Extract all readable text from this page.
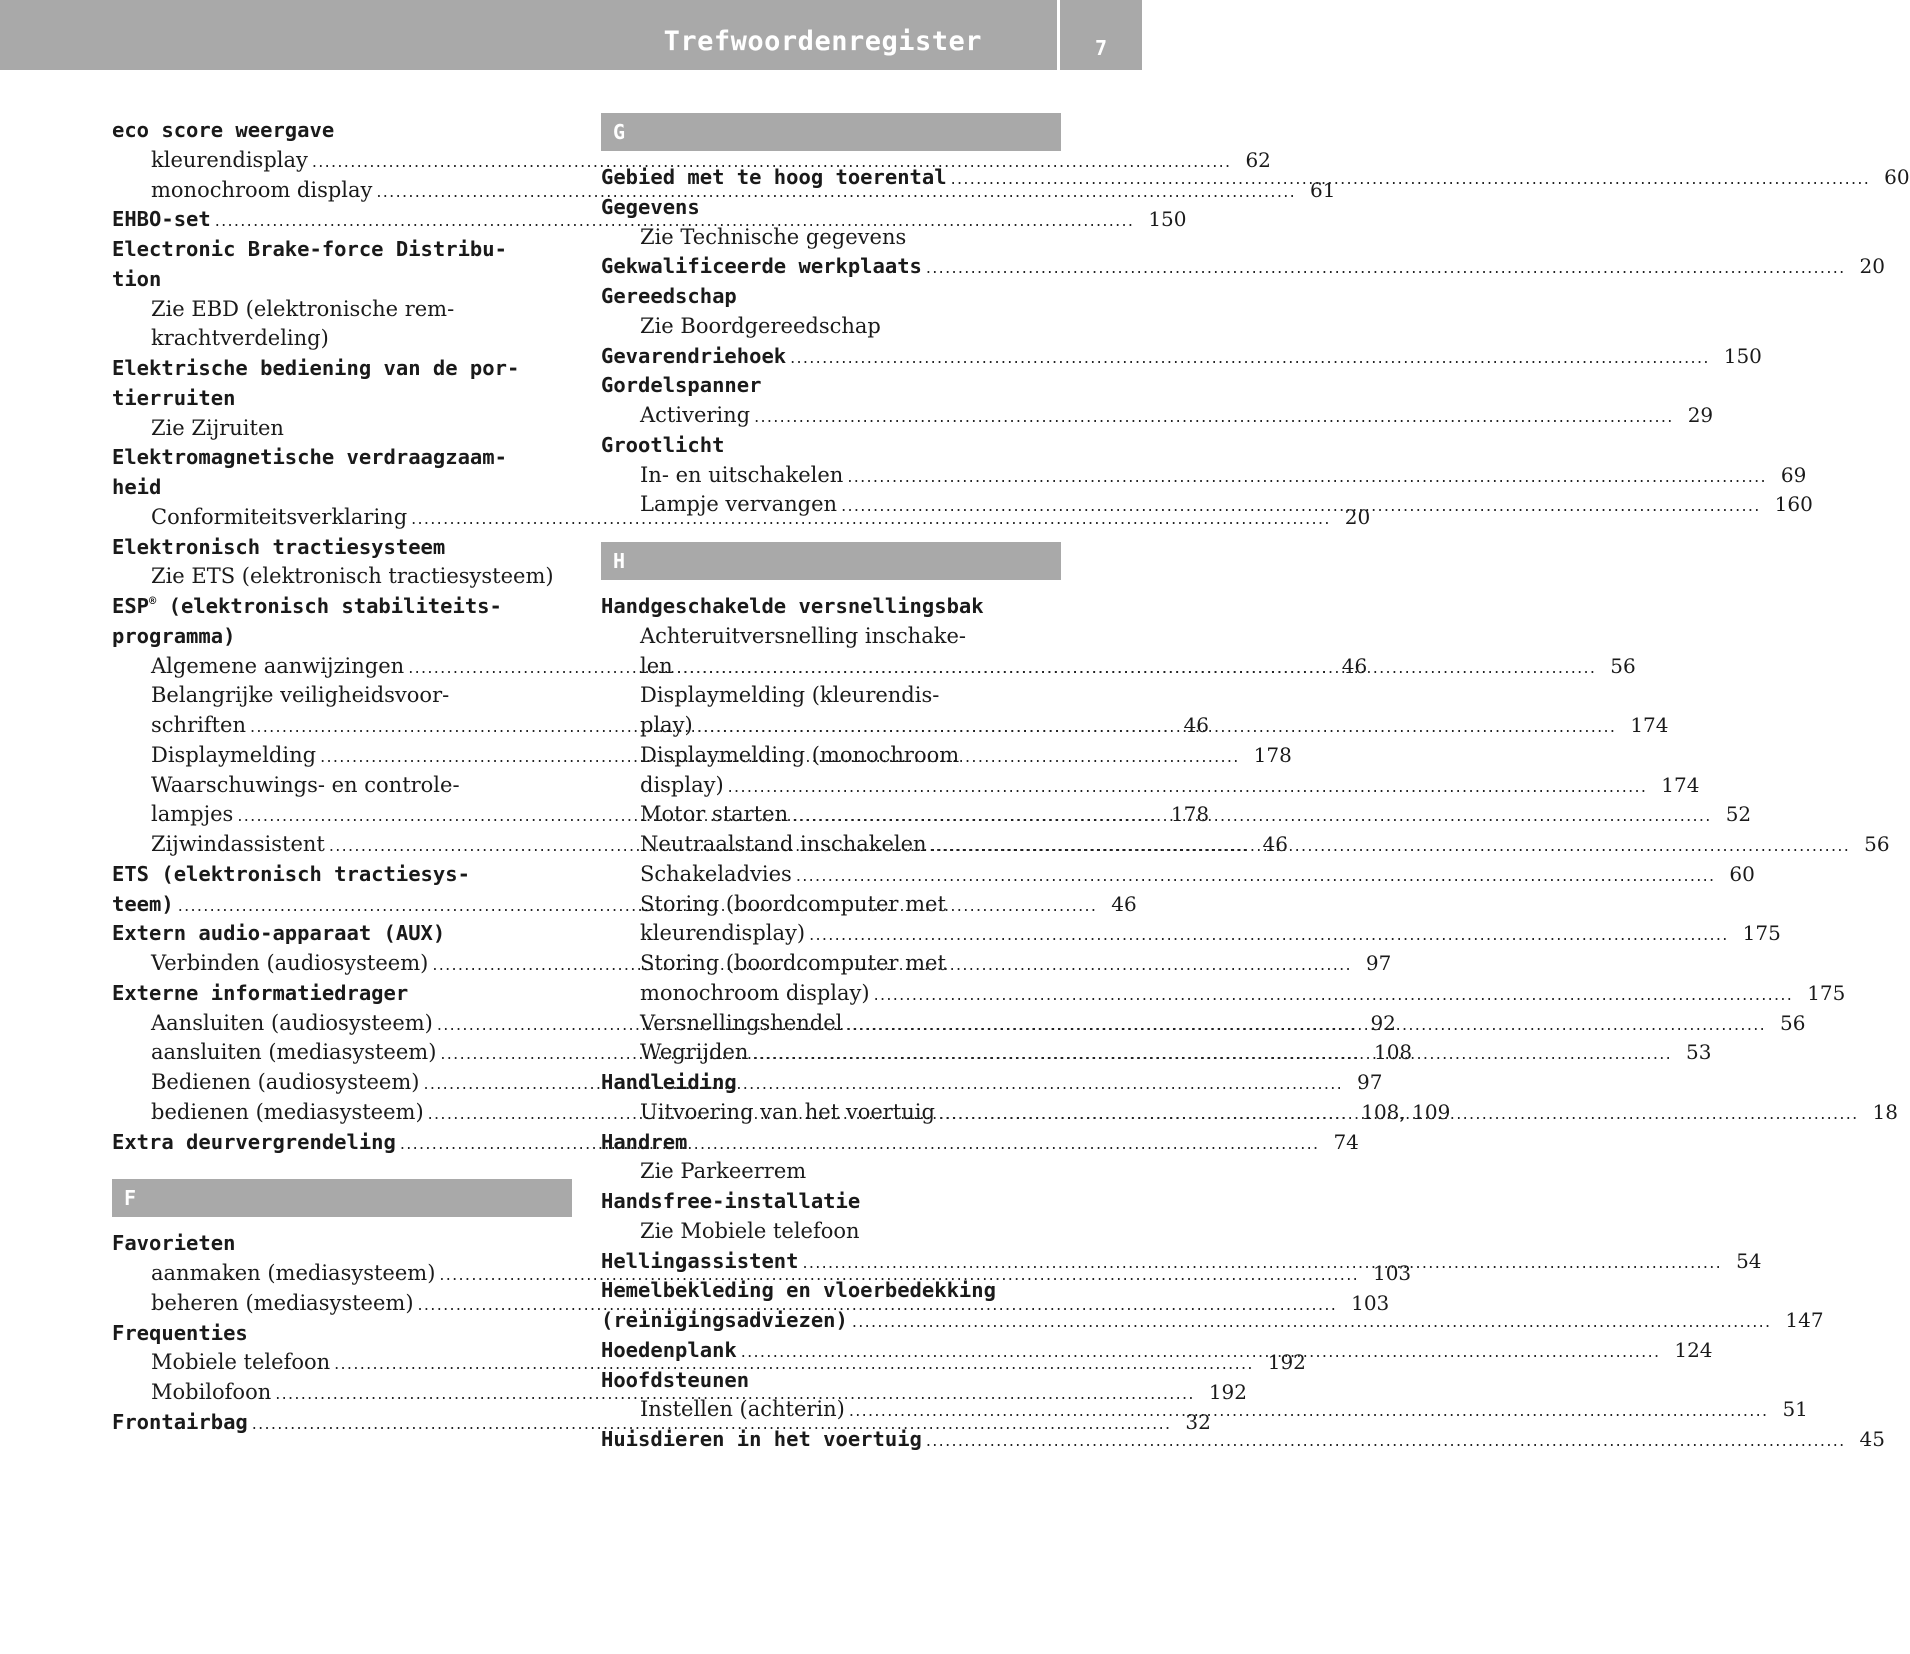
Trefwoordenregister	7
eco score weergave
kleurendisplay .....	62
monochroom display .....	61
EHBO-set .....	150
Electronic Brake-force Distribu-
tion
Zie EBD (elektronische rem-
krachtverdeling)
Elektrische bediening van de por-
tierruiten
Zie Zijruiten
Elektromagnetische verdraagzaam-
heid
Conformiteitsverklaring .....	20
Elektronisch tractiesysteem
Zie ETS (elektronisch tractiesysteem)
ESP® (elektronisch stabiliteits-
programma)
Algemene aanwijzingen .....	46
Belangrijke veiligheidsvoor-
schriften .....	46
Displaymelding .....	178
Waarschuwings- en controle-
lampjes .....	178
Zijwindassistent .....	46
ETS (elektronisch tractiesys-
teem) .....	46
Extern audio-apparaat (AUX)
Verbinden (audiosysteem) .....	97
Externe informatiedrager
Aansluiten (audiosysteem) .....	92
aansluiten (mediasysteem) .....	108
Bedienen (audiosysteem) .....	97
bedienen (mediasysteem) .....	108, 109
Extra deurvergrendeling .....	74
F
Favorieten
aanmaken (mediasysteem) .....	103
beheren (mediasysteem) .....	103
Frequenties
Mobiele telefoon .....	192
Mobilofoon .....	192
Frontairbag .....	32
G
Gebied met te hoog toerental .....	60
Gegevens
Zie Technische gegevens
Gekwalificeerde werkplaats .....	20
Gereedschap
Zie Boordgereedschap
Gevarendriehoek .....	150
Gordelspanner
Activering .....	29
Grootlicht
In- en uitschakelen .....	69
Lampje vervangen .....	160
H
Handgeschakelde versnellingsbak
Achteruitversnelling inschake-
len .....	56
Displaymelding (kleurendis-
play) .....	174
Displaymelding (monochroom
display) .....	174
Motor starten .....	52
Neutraalstand inschakelen .....	56
Schakeladvies .....	60
Storing (boordcomputer met
kleurendisplay) .....	175
Storing (boordcomputer met
monochroom display) .....	175
Versnellingshendel .....	56
Wegrijden .....	53
Handleiding
Uitvoering van het voertuig .....	18
Handrem
Zie Parkeerrem
Handsfree-installatie
Zie Mobiele telefoon
Hellingassistent .....	54
Hemelbekleding en vloerbedekking
(reinigingsadviezen) .....	147
Hoedenplank .....	124
Hoofdsteunen
Instellen (achterin) .....	51
Huisdieren in het voertuig .....	45
